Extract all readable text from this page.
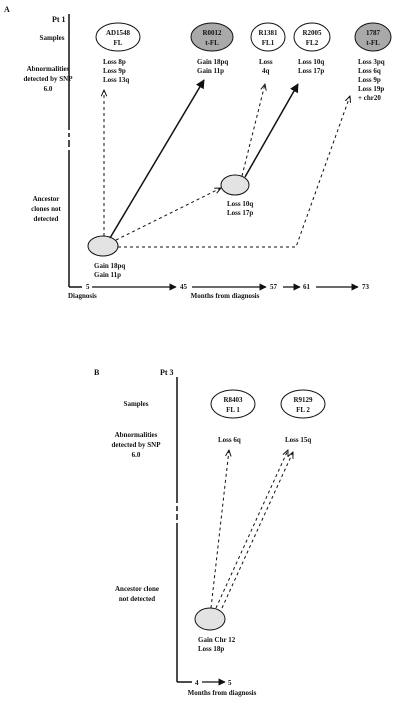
A
Pt 1
Samples
Abnormalities
detected by SNP
6.0
Ancestor
clones not
detected
AD1548
FL
R0012
t-FL
R1381
FL1
R2005
FL2
1787
t-FL
Loss 8p
Loss 9p
Loss 13q
Gain 18pq
Gain 11p
Loss
4q
Loss 10q
Loss 17p
Loss 3pq
Loss 6q
Loss 9p
Loss 19p
+ chr20
Gain 18pq
Gain 11p
Loss 10q
Loss 17p
5	45	57	61	73
Diagnosis	Months from diagnosis
B	Pt 3
Samples
Abnormalities
detected by SNP
6.0
Ancestor clone
not detected
R8403
FL 1
R9129
FL 2
Loss 6q	Loss 15q
Gain Chr 12
Loss 18p
4	5
Months from diagnosis
